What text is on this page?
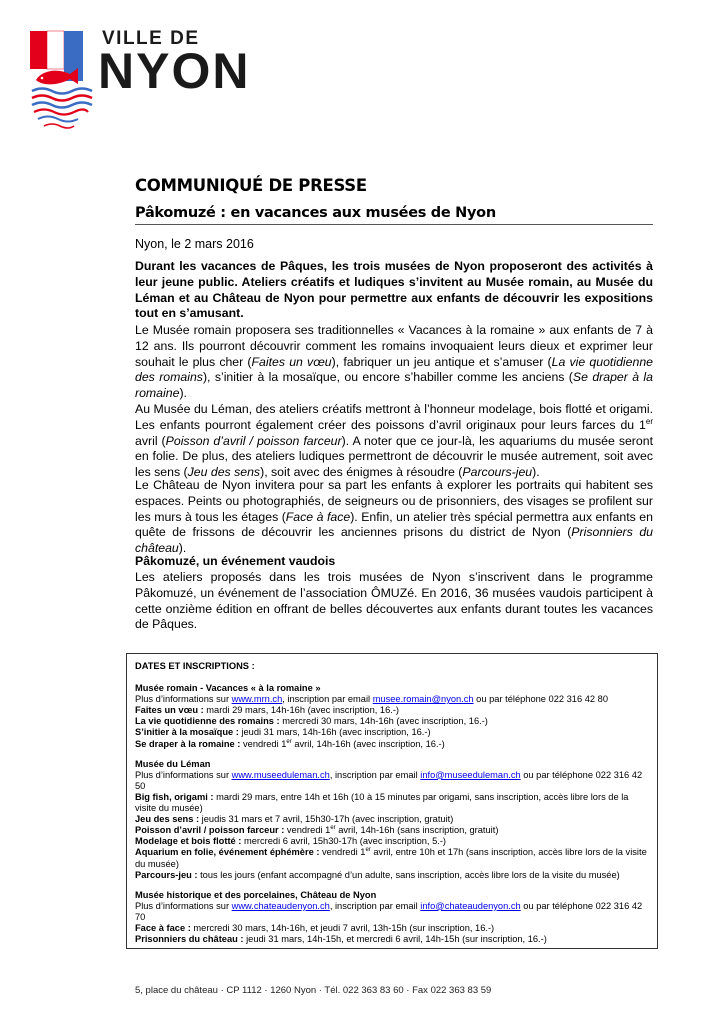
VILLE DE
NYON
COMMUNIQUÉ DE PRESSE
Pâkomuzé : en vacances aux musées de Nyon
Nyon, le 2 mars 2016
Durant les vacances de Pâques, les trois musées de Nyon proposeront des activités à leur jeune public. Ateliers créatifs et ludiques s’invitent au Musée romain, au Musée du Léman et au Château de Nyon pour permettre aux enfants de découvrir les expositions tout en s’amusant.
Le Musée romain proposera ses traditionnelles « Vacances à la romaine » aux enfants de 7 à 12 ans. Ils pourront découvrir comment les romains invoquaient leurs dieux et exprimer leur souhait le plus cher (Faites un vœu), fabriquer un jeu antique et s’amuser (La vie quotidienne des romains), s’initier à la mosaïque, ou encore s’habiller comme les anciens (Se draper à la romaine).
Au Musée du Léman, des ateliers créatifs mettront à l’honneur modelage, bois flotté et origami. Les enfants pourront également créer des poissons d’avril originaux pour leurs farces du 1er avril (Poisson d’avril / poisson farceur). A noter que ce jour-là, les aquariums du musée seront en folie. De plus, des ateliers ludiques permettront de découvrir le musée autrement, soit avec les sens (Jeu des sens), soit avec des énigmes à résoudre (Parcours-jeu).
Le Château de Nyon invitera pour sa part les enfants à explorer les portraits qui habitent ses espaces. Peints ou photographiés, de seigneurs ou de prisonniers, des visages se profilent sur les murs à tous les étages (Face à face). Enfin, un atelier très spécial permettra aux enfants en quête de frissons de découvrir les anciennes prisons du district de Nyon (Prisonniers du château).
Pâkomuzé, un événement vaudois
Les ateliers proposés dans les trois musées de Nyon s’inscrivent dans le programme Pâkomuzé, un événement de l’association ÔMUZé. En 2016, 36 musées vaudois participent à cette onzième édition en offrant de belles découvertes aux enfants durant toutes les vacances de Pâques.
DATES ET INSCRIPTIONS :
Musée romain - Vacances « à la romaine »
Plus d’informations sur www.mrn.ch, inscription par email musee.romain@nyon.ch ou par téléphone 022 316 42 80
Faites un vœu : mardi 29 mars, 14h-16h (avec inscription, 16.-)
La vie quotidienne des romains : mercredi 30 mars, 14h-16h (avec inscription, 16.-)
S’initier à la mosaïque : jeudi 31 mars, 14h-16h (avec inscription, 16.-)
Se draper à la romaine : vendredi 1er avril, 14h-16h (avec inscription, 16.-)
Musée du Léman
Plus d’informations sur www.museeduleman.ch, inscription par email info@museeduleman.ch ou par téléphone 022 316 42 50
Big fish, origami : mardi 29 mars, entre 14h et 16h (10 à 15 minutes par origami, sans inscription, accès libre lors de la visite du musée)
Jeu des sens : jeudis 31 mars et 7 avril, 15h30-17h (avec inscription, gratuit)
Poisson d’avril / poisson farceur : vendredi 1er avril, 14h-16h (sans inscription, gratuit)
Modelage et bois flotté : mercredi 6 avril, 15h30-17h (avec inscription, 5.-)
Aquarium en folie, événement éphémère : vendredi 1er avril, entre 10h et 17h (sans inscription, accès libre lors de la visite du musée)
Parcours-jeu : tous les jours (enfant accompagné d’un adulte, sans inscription, accès libre lors de la visite du musée)
Musée historique et des porcelaines, Château de Nyon
Plus d’informations sur www.chateaudenyon.ch, inscription par email info@chateaudenyon.ch ou par téléphone 022 316 42 70
Face à face : mercredi 30 mars, 14h-16h, et jeudi 7 avril, 13h-15h (sur inscription, 16.-)
Prisonniers du château : jeudi 31 mars, 14h-15h, et mercredi 6 avril, 14h-15h (sur inscription, 16.-)
5, place du château · CP 1112 · 1260 Nyon · Tél. 022 363 83 60 · Fax 022 363 83 59
